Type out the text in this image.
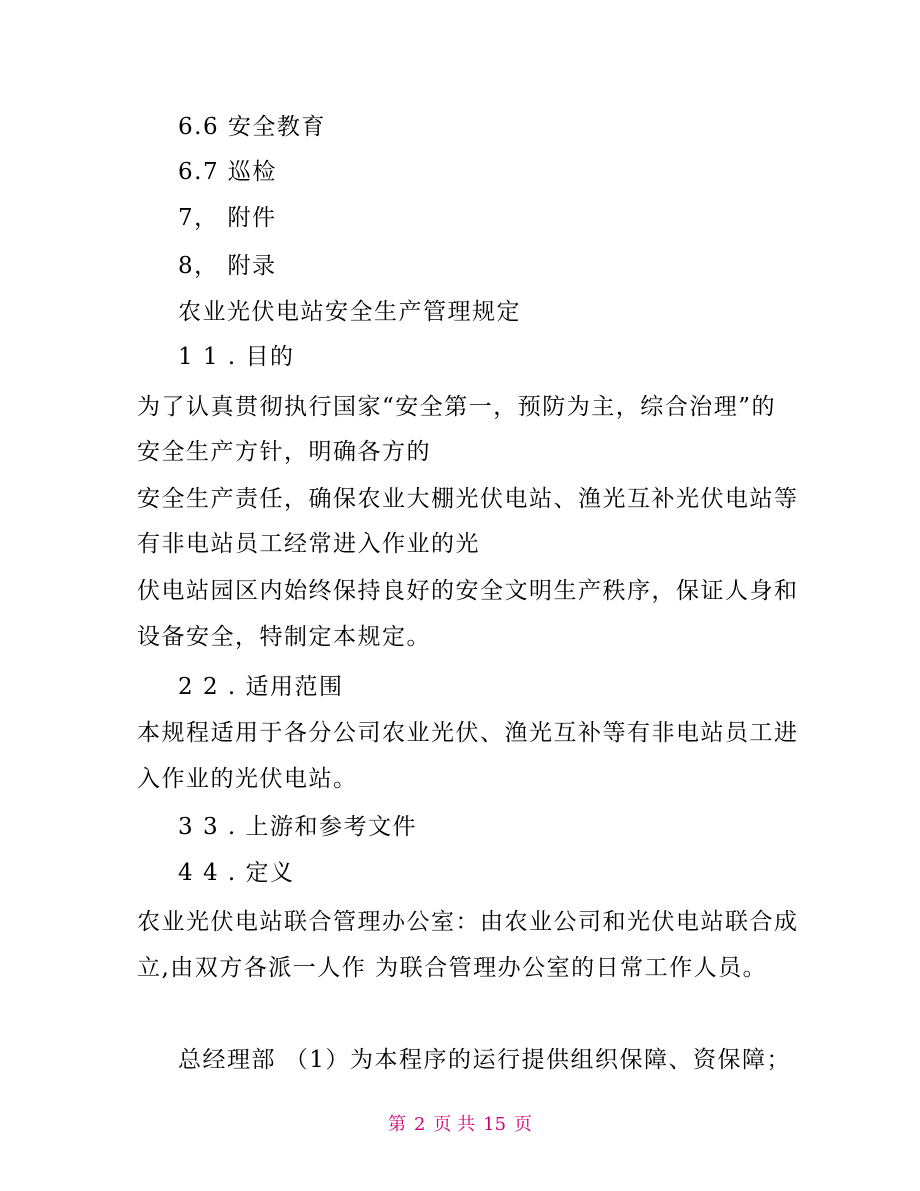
6.6 安全教育
6.7 巡检
7， 附件
8， 附录
农业光伏电站安全生产管理规定
1 1 . 目的
为了认真贯彻执行国家“安全第一，预防为主，综合治理”的
安全生产方针，明确各方的
安全生产责任，确保农业大棚光伏电站、渔光互补光伏电站等
有非电站员工经常进入作业的光
伏电站园区内始终保持良好的安全文明生产秩序，保证人身和
设备安全，特制定本规定。
2 2 . 适用范围
本规程适用于各分公司农业光伏、渔光互补等有非电站员工进
入作业的光伏电站。
3 3 . 上游和参考文件
4 4 . 定义
农业光伏电站联合管理办公室：由农业公司和光伏电站联合成
立,由双方各派一人作 为联合管理办公室的日常工作人员。
总经理部 （1）为本程序的运行提供组织保障、资保障；
第 2 页 共 15 页
